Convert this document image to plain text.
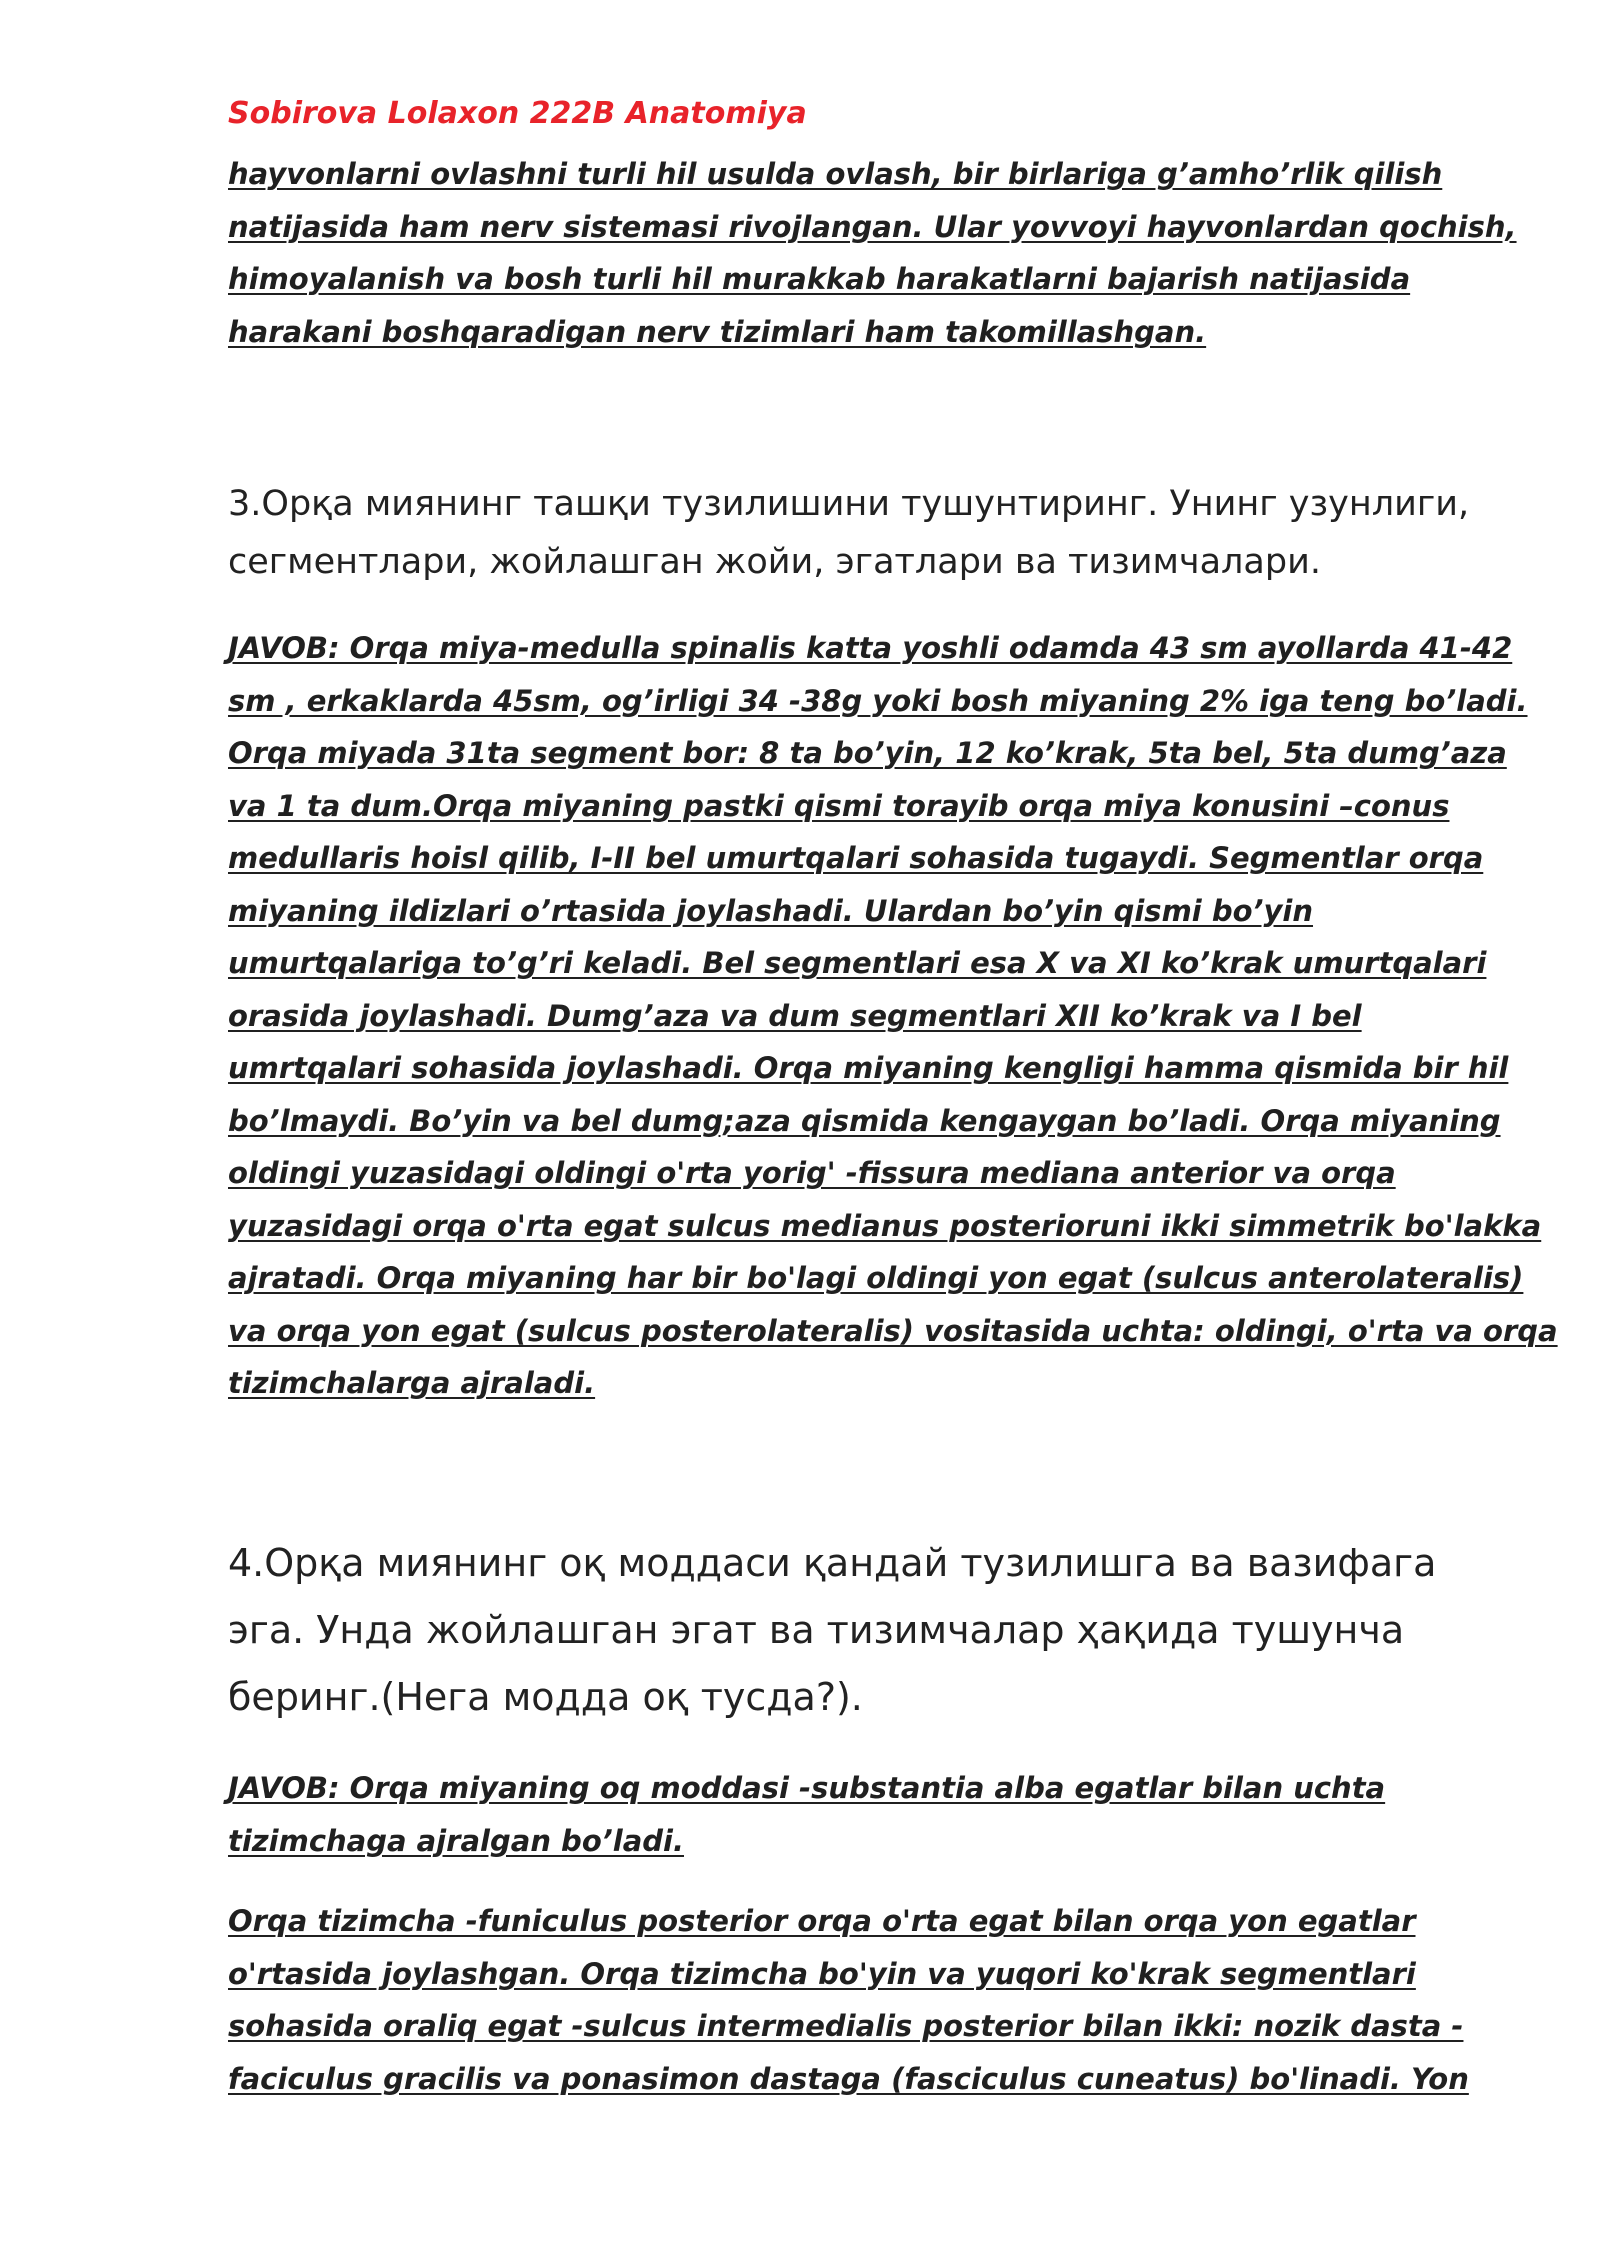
Sobirova Lolaxon 222B Anatomiya
hayvonlarni ovlashni turli hil usulda ovlash, bir birlariga g’amho’rlik qilish
natijasida ham nerv sistemasi rivojlangan. Ular yovvoyi hayvonlardan qochish,
himoyalanish va bosh turli hil murakkab harakatlarni bajarish natijasida
harakani boshqaradigan nerv tizimlari ham takomillashgan.
3.Орқа миянинг ташқи тузилишини тушунтиринг. Унинг узунлиги,
сегментлари, жойлашган жойи, эгатлари ва тизимчалари.
JAVOB: Orqa miya-medulla spinalis katta yoshli odamda 43 sm ayollarda 41-42
sm , erkaklarda 45sm, og’irligi 34 -38g yoki bosh miyaning 2% iga teng bo’ladi.
Orqa miyada 31ta segment bor: 8 ta bo’yin, 12 ko’krak, 5ta bel, 5ta dumg’aza
va 1 ta dum.Orqa miyaning pastki qismi torayib orqa miya konusini –conus
medullaris hoisl qilib, I-II bel umurtqalari sohasida tugaydi. Segmentlar orqa
miyaning ildizlari o’rtasida joylashadi. Ulardan bo’yin qismi bo’yin
umurtqalariga to’g’ri keladi. Bel segmentlari esa X va XI ko’krak umurtqalari
orasida joylashadi. Dumg’aza va dum segmentlari XII ko’krak va I bel
umrtqalari sohasida joylashadi. Orqa miyaning kengligi hamma qismida bir hil
bo’lmaydi. Bo’yin va bel dumg;aza qismida kengaygan bo’ladi. Orqa miyaning
oldingi yuzasidagi oldingi o'rta yorig' -fissura mediana anterior va orqa
yuzasidagi orqa o'rta egat sulcus medianus posterioruni ikki simmetrik bo'lakka
ajratadi. Orqa miyaning har bir bo'lagi oldingi yon egat (sulcus anterolateralis)
va orqa yon egat (sulcus posterolateralis) vositasida uchta: oldingi, o'rta va orqa
tizimchalarga ajraladi.
4.Орқа миянинг оқ моддаси қандай тузилишга ва вазифага
эга. Унда жойлашган эгат ва тизимчалар ҳақида тушунча
беринг.(Нега модда оқ тусда?).
JAVOB: Orqa miyaning oq moddasi -substantia alba egatlar bilan uchta
tizimchaga ajralgan bo’ladi.
Orqa tizimcha -funiculus posterior orqa o'rta egat bilan orqa yon egatlar
o'rtasida joylashgan. Orqa tizimcha bo'yin va yuqori ko'krak segmentlari
sohasida oraliq egat -sulcus intermedialis posterior bilan ikki: nozik dasta -
faciculus gracilis va ponasimon dastaga (fasciculus cuneatus) bo'linadi. Yon
